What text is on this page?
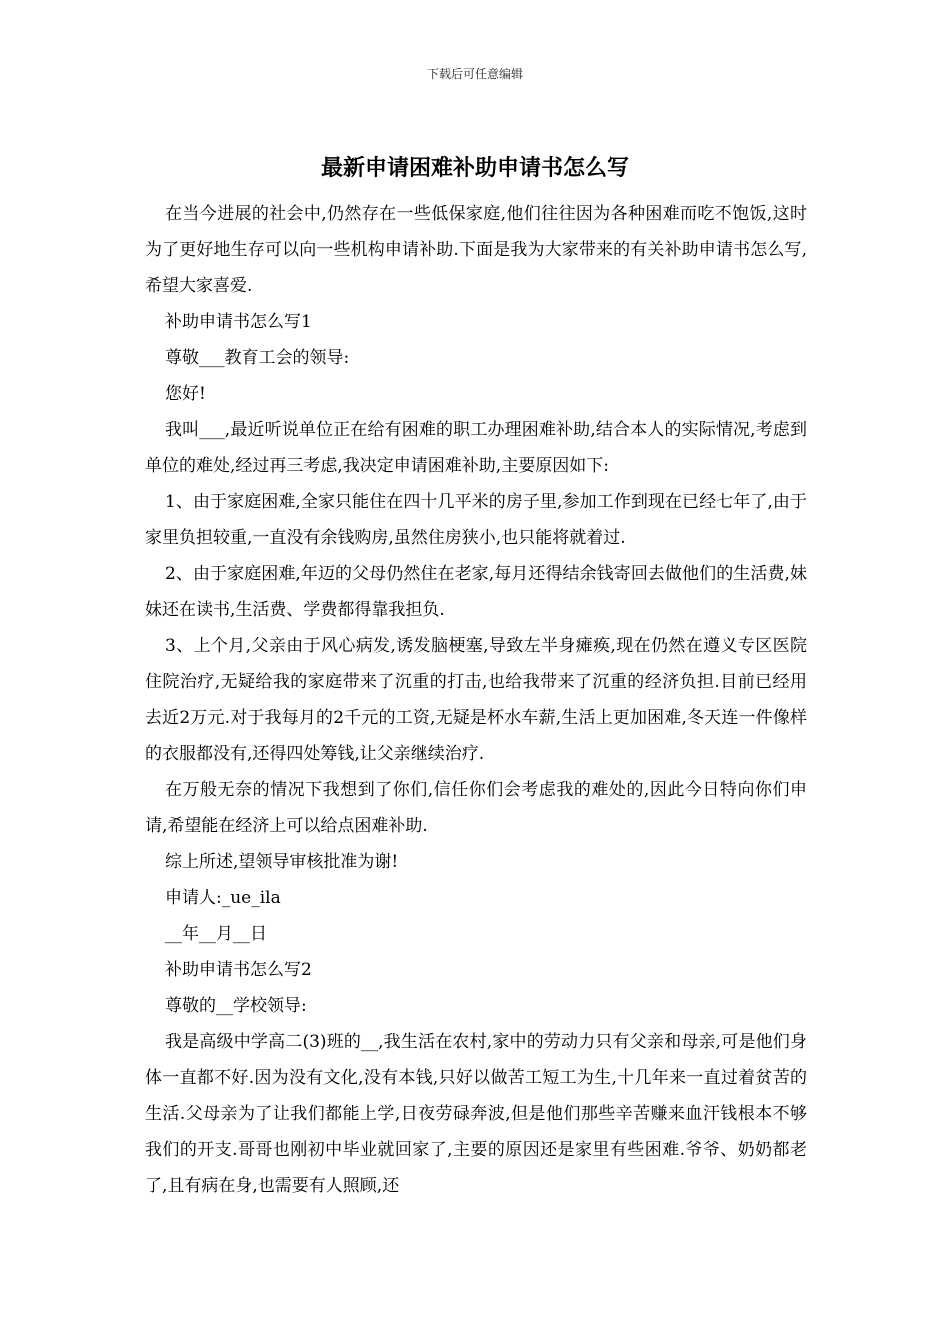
下载后可任意编辑
最新申请困难补助申请书怎么写

在当今进展的社会中,仍然存在一些低保家庭,他们往往因为各种困难而吃不饱饭,这时为了更好地生存可以向一些机构申请补助.下面是我为大家带来的有关补助申请书怎么写,希望大家喜爱.

补助申请书怎么写1

尊敬___教育工会的领导:

您好!

我叫___,最近听说单位正在给有困难的职工办理困难补助,结合本人的实际情况,考虑到单位的难处,经过再三考虑,我决定申请困难补助,主要原因如下:

1、由于家庭困难,全家只能住在四十几平米的房子里,参加工作到现在已经七年了,由于家里负担较重,一直没有余钱购房,虽然住房狭小,也只能将就着过.

2、由于家庭困难,年迈的父母仍然住在老家,每月还得结余钱寄回去做他们的生活费,妹妹还在读书,生活费、学费都得靠我担负.

3、上个月,父亲由于风心病发,诱发脑梗塞,导致左半身瘫痪,现在仍然在遵义专区医院住院治疗,无疑给我的家庭带来了沉重的打击,也给我带来了沉重的经济负担.目前已经用去近2万元.对于我每月的2千元的工资,无疑是杯水车薪,生活上更加困难,冬天连一件像样的衣服都没有,还得四处筹钱,让父亲继续治疗.

在万般无奈的情况下我想到了你们,信任你们会考虑我的难处的,因此今日特向你们申请,希望能在经济上可以给点困难补助.

综上所述,望领导审核批准为谢!

申请人:_ue_ila

__年__月__日

补助申请书怎么写2

尊敬的__学校领导:

我是高级中学高二(3)班的__,我生活在农村,家中的劳动力只有父亲和母亲,可是他们身体一直都不好.因为没有文化,没有本钱,只好以做苦工短工为生,十几年来一直过着贫苦的生活.父母亲为了让我们都能上学,日夜劳碌奔波,但是他们那些辛苦赚来血汗钱根本不够我们的开支.哥哥也刚初中毕业就回家了,主要的原因还是家里有些困难.爷爷、奶奶都老了,且有病在身,也需要有人照顾,还
